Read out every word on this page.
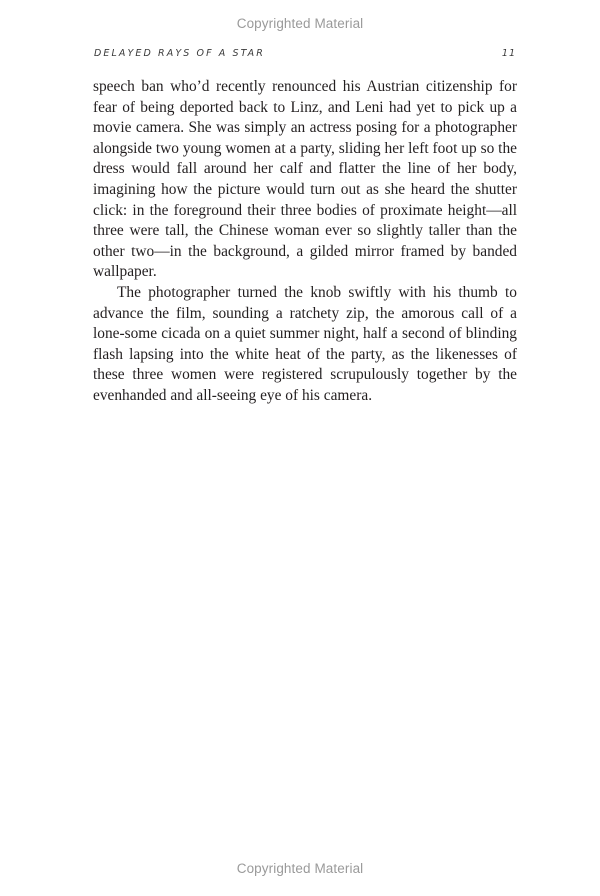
Copyrighted Material
DELAYED RAYS OF A STAR	11

speech ban who’d recently renounced his Austrian citizenship for fear of being deported back to Linz, and Leni had yet to pick up a movie camera. She was simply an actress posing for a photographer alongside two young women at a party, sliding her left foot up so the dress would fall around her calf and flatter the line of her body, imagining how the picture would turn out as she heard the shutter click: in the foreground their three bodies of proximate height—all three were tall, the Chinese woman ever so slightly taller than the other two—in the background, a gilded mirror framed by banded wallpaper.

The photographer turned the knob swiftly with his thumb to advance the film, sounding a ratchety zip, the amorous call of a lone-some cicada on a quiet summer night, half a second of blinding flash lapsing into the white heat of the party, as the likenesses of these three women were registered scrupulously together by the evenhanded and all-seeing eye of his camera.

Copyrighted Material
